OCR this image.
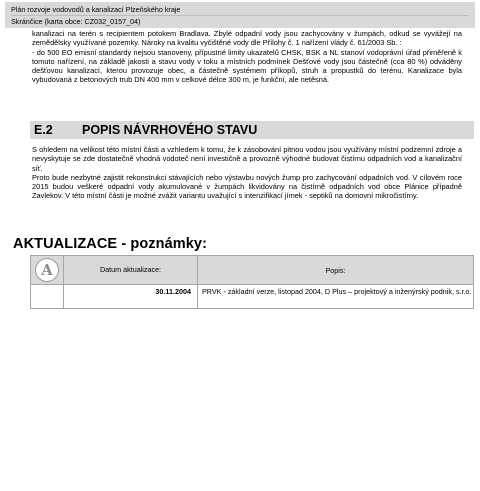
Plán rozvoje vodovodů a kanalizací Plzeňského kraje
Skránčice (karta obce: CZ032_0157_04)

kanalizaci na terén s recipientem potokem Bradlava. Zbylé odpadní vody jsou zachycovány v žumpách, odkud se vyvážejí na zemědělsky využívané pozemky. Nároky na kvalitu vyčištěné vody dle Přílohy č. 1 nařízení vlády č. 61/2003 Sb. :

- do 500 EO emisní standardy nejsou stanoveny, přípustné limity ukazatelů CHSK, BSK a NL stanoví vodoprávní úřad přiměřeně k tomuto nařízení, na základě jakosti a stavu vody v toku a místních podmínek Dešťové vody jsou částečně (cca 80 %) odváděny dešťovou kanalizací, kterou provozuje obec, a částečně systémem příkopů, struh a propustků do terénu. Kanalizace byla vybudovaná z betonových trub DN 400 mm v celkové délce 300 m, je funkční, ale netěsná.

E.2	POPIS NÁVRHOVÉHO STAVU

S ohledem na velikost této místní části a vzhledem k tomu, že k zásobování pitnou vodou jsou využívány místní podzemní zdroje a nevyskytuje se zde dostatečně vhodná vodoteč není investičně a provozně výhodné budovat čistírnu odpadních vod a kanalizační síť.

Proto bude nezbytné zajistit rekonstrukci stávajících nebo výstavbu nových žump pro zachycování odpadních vod. V cílovém roce 2015 budou veškeré odpadní vody akumulované v žumpách likvidovány na čistírně odpadních vod obce Plánice případně Zavlekov. V této místní části je možné zvážit variantu uvažující s intenzifikací jímek - septiků na domovní mikročistírny.

AKTUALIZACE - poznámky:
A	Datum aktualizace:	Popis:
	30.11.2004	PRVK - základní verze, listopad 2004, D Plus – projektový a inženýrský podnik, s.r.o.
